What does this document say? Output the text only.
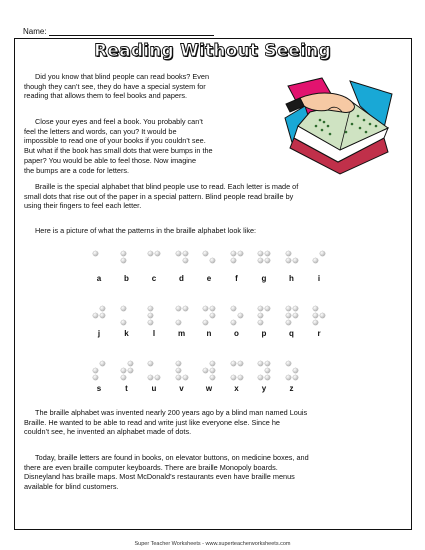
Name:
Reading Without Seeing
Did you know that blind people can read books? Even
though they can’t see, they do have a special system for
reading that allows them to feel books and papers.
Close your eyes and feel a book. You probably can’t
feel the letters and words, can you? It would be
impossible to read one of your books if you couldn’t see.
But what if the book has small dots that were bumps in the
paper? You would be able to feel those. Now imagine
the bumps are a code for letters.
Braille is the special alphabet that blind people use to read. Each letter is made of
small dots that rise out of the paper in a special pattern. Blind people read braille by
using their fingers to feel each letter.
Here is a picture of what the patterns in the braille alphabet look like:
a	b	c	d	e	f	g	h	i
j	k	l	m	n	o	p	q	r
s	t	u	v	w	x	y	z
The braille alphabet was invented nearly 200 years ago by a blind man named Louis
Braille. He wanted to be able to read and write just like everyone else. Since he
couldn’t see, he invented an alphabet made of dots.
Today, braille letters are found in books, on elevator buttons, on medicine boxes, and
there are even braille computer keyboards. There are braille Monopoly boards.
Disneyland has braille maps. Most McDonald’s restaurants even have braille menus
available for blind customers.
Super Teacher Worksheets - www.superteacherworksheets.com
